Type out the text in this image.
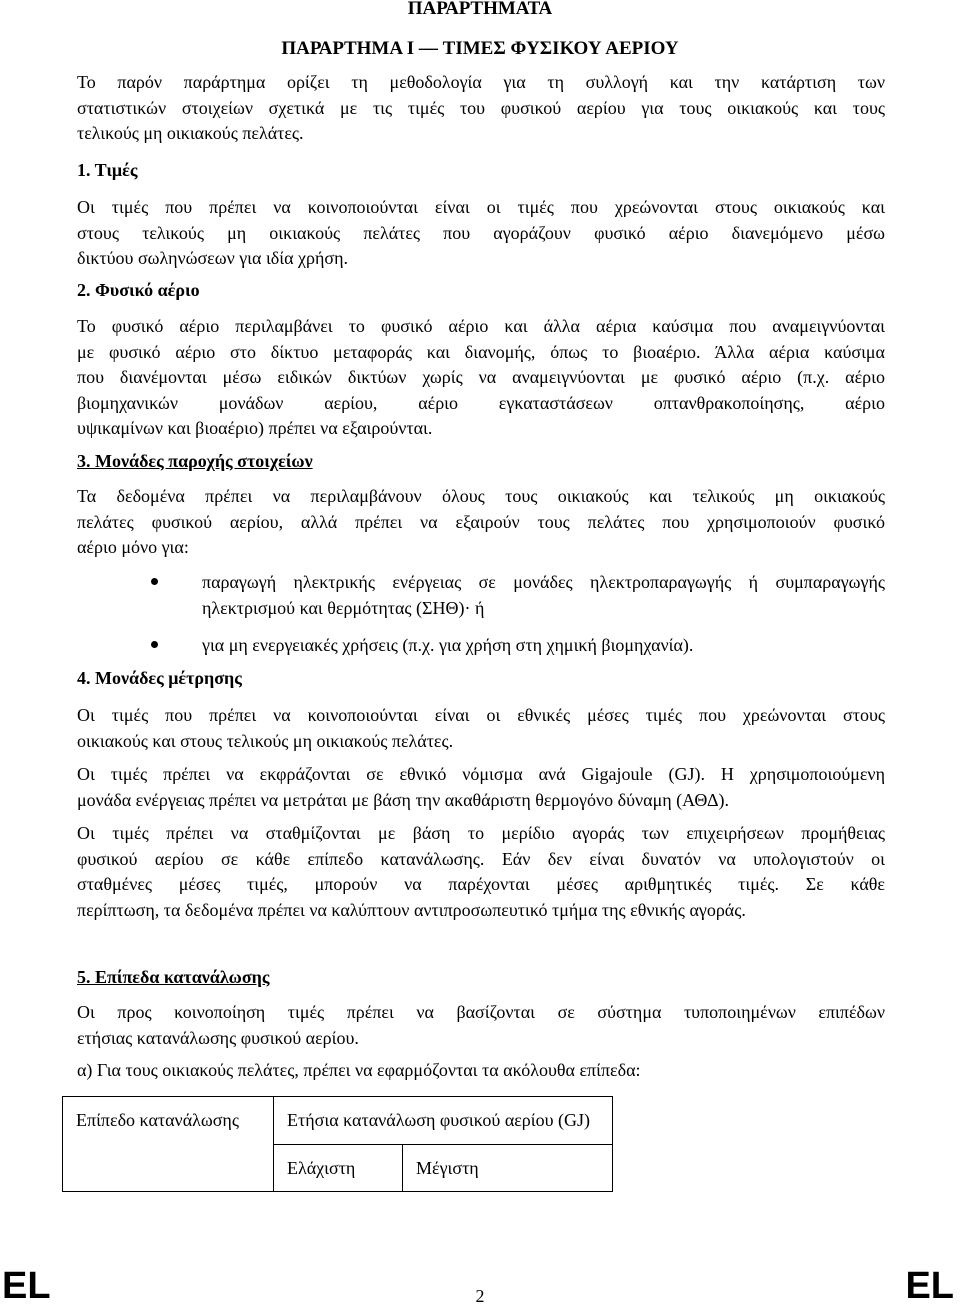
ΠΑΡΑΡΤΗΜΑΤΑ
ΠΑΡΑΡΤΗΜΑ I — ΤΙΜΕΣ ΦΥΣΙΚΟΥ ΑΕΡΙΟΥ
Το παρόν παράρτημα ορίζει τη μεθοδολογία για τη συλλογή και την κατάρτιση των
στατιστικών στοιχείων σχετικά με τις τιμές του φυσικού αερίου για τους οικιακούς και τους
τελικούς μη οικιακούς πελάτες.
1. Τιμές
Οι τιμές που πρέπει να κοινοποιούνται είναι οι τιμές που χρεώνονται στους οικιακούς και
στους τελικούς μη οικιακούς πελάτες που αγοράζουν φυσικό αέριο διανεμόμενο μέσω
δικτύου σωληνώσεων για ιδία χρήση.
2. Φυσικό αέριο
Το φυσικό αέριο περιλαμβάνει το φυσικό αέριο και άλλα αέρια καύσιμα που αναμειγνύονται
με φυσικό αέριο στο δίκτυο μεταφοράς και διανομής, όπως το βιοαέριο. Άλλα αέρια καύσιμα
που διανέμονται μέσω ειδικών δικτύων χωρίς να αναμειγνύονται με φυσικό αέριο (π.χ. αέριο
βιομηχανικών μονάδων αερίου, αέριο εγκαταστάσεων οπτανθρακοποίησης, αέριο
υψικαμίνων και βιοαέριο) πρέπει να εξαιρούνται.
3. Μονάδες παροχής στοιχείων
Τα δεδομένα πρέπει να περιλαμβάνουν όλους τους οικιακούς και τελικούς μη οικιακούς
πελάτες φυσικού αερίου, αλλά πρέπει να εξαιρούν τους πελάτες που χρησιμοποιούν φυσικό
αέριο μόνο για:
παραγωγή ηλεκτρικής ενέργειας σε μονάδες ηλεκτροπαραγωγής ή συμπαραγωγής ηλεκτρισμού και θερμότητας (ΣΗΘ)· ή
για μη ενεργειακές χρήσεις (π.χ. για χρήση στη χημική βιομηχανία).
4. Μονάδες μέτρησης
Οι τιμές που πρέπει να κοινοποιούνται είναι οι εθνικές μέσες τιμές που χρεώνονται στους
οικιακούς και στους τελικούς μη οικιακούς πελάτες.
Οι τιμές πρέπει να εκφράζονται σε εθνικό νόμισμα ανά Gigajoule (GJ). Η χρησιμοποιούμενη
μονάδα ενέργειας πρέπει να μετράται με βάση την ακαθάριστη θερμογόνο δύναμη (ΑΘΔ).
Οι τιμές πρέπει να σταθμίζονται με βάση το μερίδιο αγοράς των επιχειρήσεων προμήθειας
φυσικού αερίου σε κάθε επίπεδο κατανάλωσης. Εάν δεν είναι δυνατόν να υπολογιστούν οι
σταθμένες μέσες τιμές, μπορούν να παρέχονται μέσες αριθμητικές τιμές. Σε κάθε
περίπτωση, τα δεδομένα πρέπει να καλύπτουν αντιπροσωπευτικό τμήμα της εθνικής αγοράς.
5. Επίπεδα κατανάλωσης
Οι προς κοινοποίηση τιμές πρέπει να βασίζονται σε σύστημα τυποποιημένων επιπέδων
ετήσιας κατανάλωσης φυσικού αερίου.
α) Για τους οικιακούς πελάτες, πρέπει να εφαρμόζονται τα ακόλουθα επίπεδα:
Επίπεδο κατανάλωσης	Ετήσια κατανάλωση φυσικού αερίου (GJ)	
	Ελάχιστη	Μέγιστη
EL	EL
2
